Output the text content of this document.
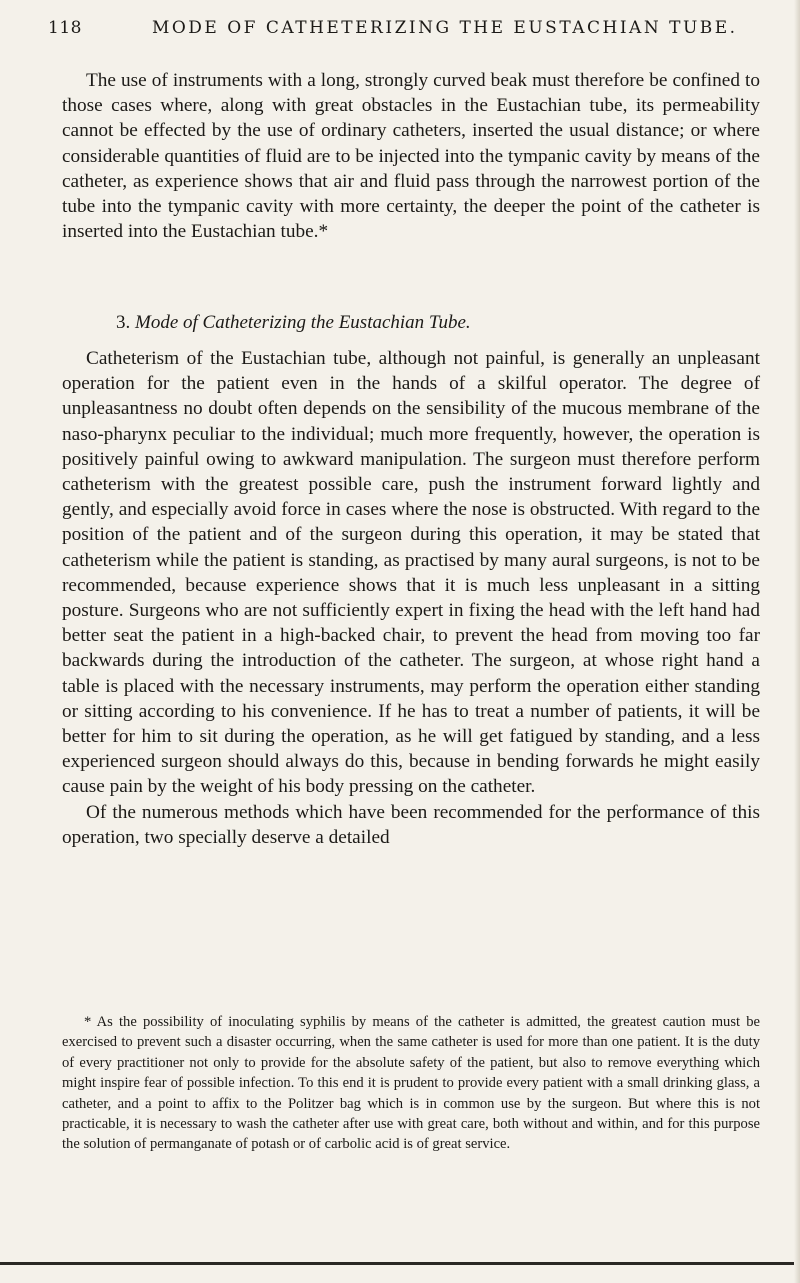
118	MODE OF CATHETERIZING THE EUSTACHIAN TUBE.

The use of instruments with a long, strongly curved beak must therefore be confined to those cases where, along with great obstacles in the Eustachian tube, its permeability cannot be effected by the use of ordinary catheters, inserted the usual distance; or where considerable quantities of fluid are to be injected into the tympanic cavity by means of the catheter, as experience shows that air and fluid pass through the narrowest portion of the tube into the tympanic cavity with more certainty, the deeper the point of the catheter is inserted into the Eustachian tube.*

3. Mode of Catheterizing the Eustachian Tube.

Catheterism of the Eustachian tube, although not painful, is generally an unpleasant operation for the patient even in the hands of a skilful operator. The degree of unpleasantness no doubt often depends on the sensibility of the mucous membrane of the naso-pharynx peculiar to the individual; much more frequently, however, the operation is positively painful owing to awkward manipulation. The surgeon must therefore perform catheterism with the greatest possible care, push the instrument forward lightly and gently, and especially avoid force in cases where the nose is obstructed. With regard to the position of the patient and of the surgeon during this operation, it may be stated that catheterism while the patient is standing, as practised by many aural surgeons, is not to be recommended, because experience shows that it is much less unpleasant in a sitting posture. Surgeons who are not sufficiently expert in fixing the head with the left hand had better seat the patient in a high-backed chair, to prevent the head from moving too far backwards during the introduction of the catheter. The surgeon, at whose right hand a table is placed with the necessary instruments, may perform the operation either standing or sitting according to his convenience. If he has to treat a number of patients, it will be better for him to sit during the operation, as he will get fatigued by standing, and a less experienced surgeon should always do this, because in bending forwards he might easily cause pain by the weight of his body pressing on the catheter.

Of the numerous methods which have been recommended for the performance of this operation, two specially deserve a detailed

* As the possibility of inoculating syphilis by means of the catheter is admitted, the greatest caution must be exercised to prevent such a disaster occurring, when the same catheter is used for more than one patient. It is the duty of every practitioner not only to provide for the absolute safety of the patient, but also to remove everything which might inspire fear of possible infection. To this end it is prudent to provide every patient with a small drinking glass, a catheter, and a point to affix to the Politzer bag which is in common use by the surgeon. But where this is not practicable, it is necessary to wash the catheter after use with great care, both without and within, and for this purpose the solution of permanganate of potash or of carbolic acid is of great service.
